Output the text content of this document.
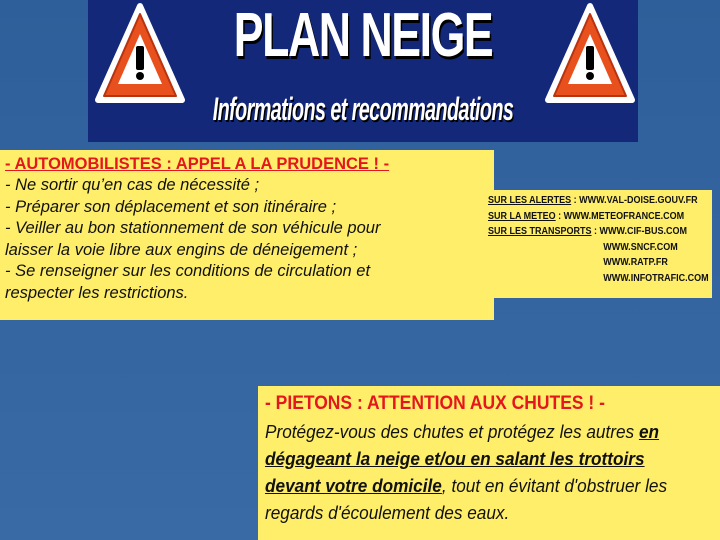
PLAN NEIGE
Informations et recommandations
- AUTOMOBILISTES : APPEL A LA PRUDENCE ! -
- Ne sortir qu’en cas de nécessité ;
- Préparer son déplacement et son itinéraire ;
- Veiller au bon stationnement de son véhicule pour
laisser la voie libre aux engins de déneigement ;
- Se renseigner sur les conditions de circulation et
respecter les restrictions.
SUR LES ALERTES : WWW.VAL-DOISE.GOUV.FR
SUR LA METEO : WWW.METEOFRANCE.COM
SUR LES TRANSPORTS : WWW.CIF-BUS.COM
WWW.SNCF.COM
WWW.RATP.FR
WWW.INFOTRAFIC.COM
- PIETONS : ATTENTION AUX CHUTES ! -
Protégez-vous des chutes et protégez les autres en
dégageant la neige et/ou en salant les trottoirs
devant votre domicile, tout en évitant d'obstruer les
regards d'écoulement des eaux.
